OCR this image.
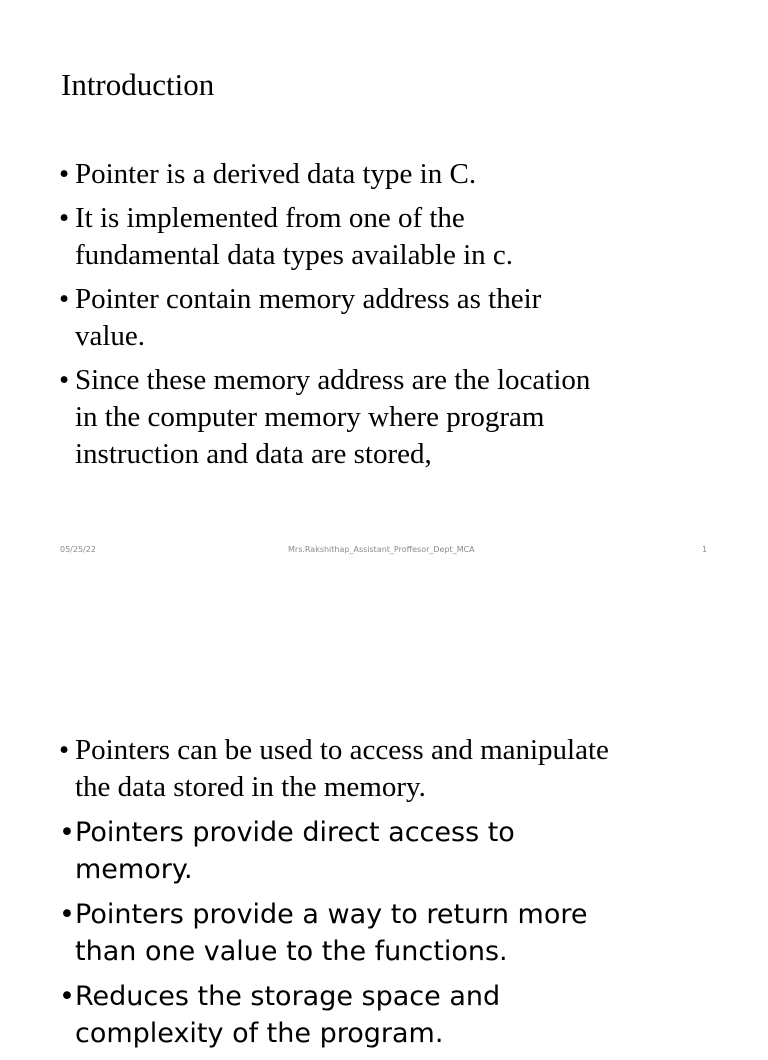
Introduction
• Pointer is a derived data type in C.
• It is implemented from one of the
fundamental data types available in c.
• Pointer contain memory address as their
value.
• Since these memory address are the location
in the computer memory where program
instruction and data are stored,
05/25/22	Mrs.Rakshithap_Assistant_Proffesor_Dept_MCA	1
• Pointers can be used to access and manipulate
the data stored in the memory.
• Pointers provide direct access to
memory.
• Pointers provide a way to return more
than one value to the functions.
• Reduces the storage space and
complexity of the program.
